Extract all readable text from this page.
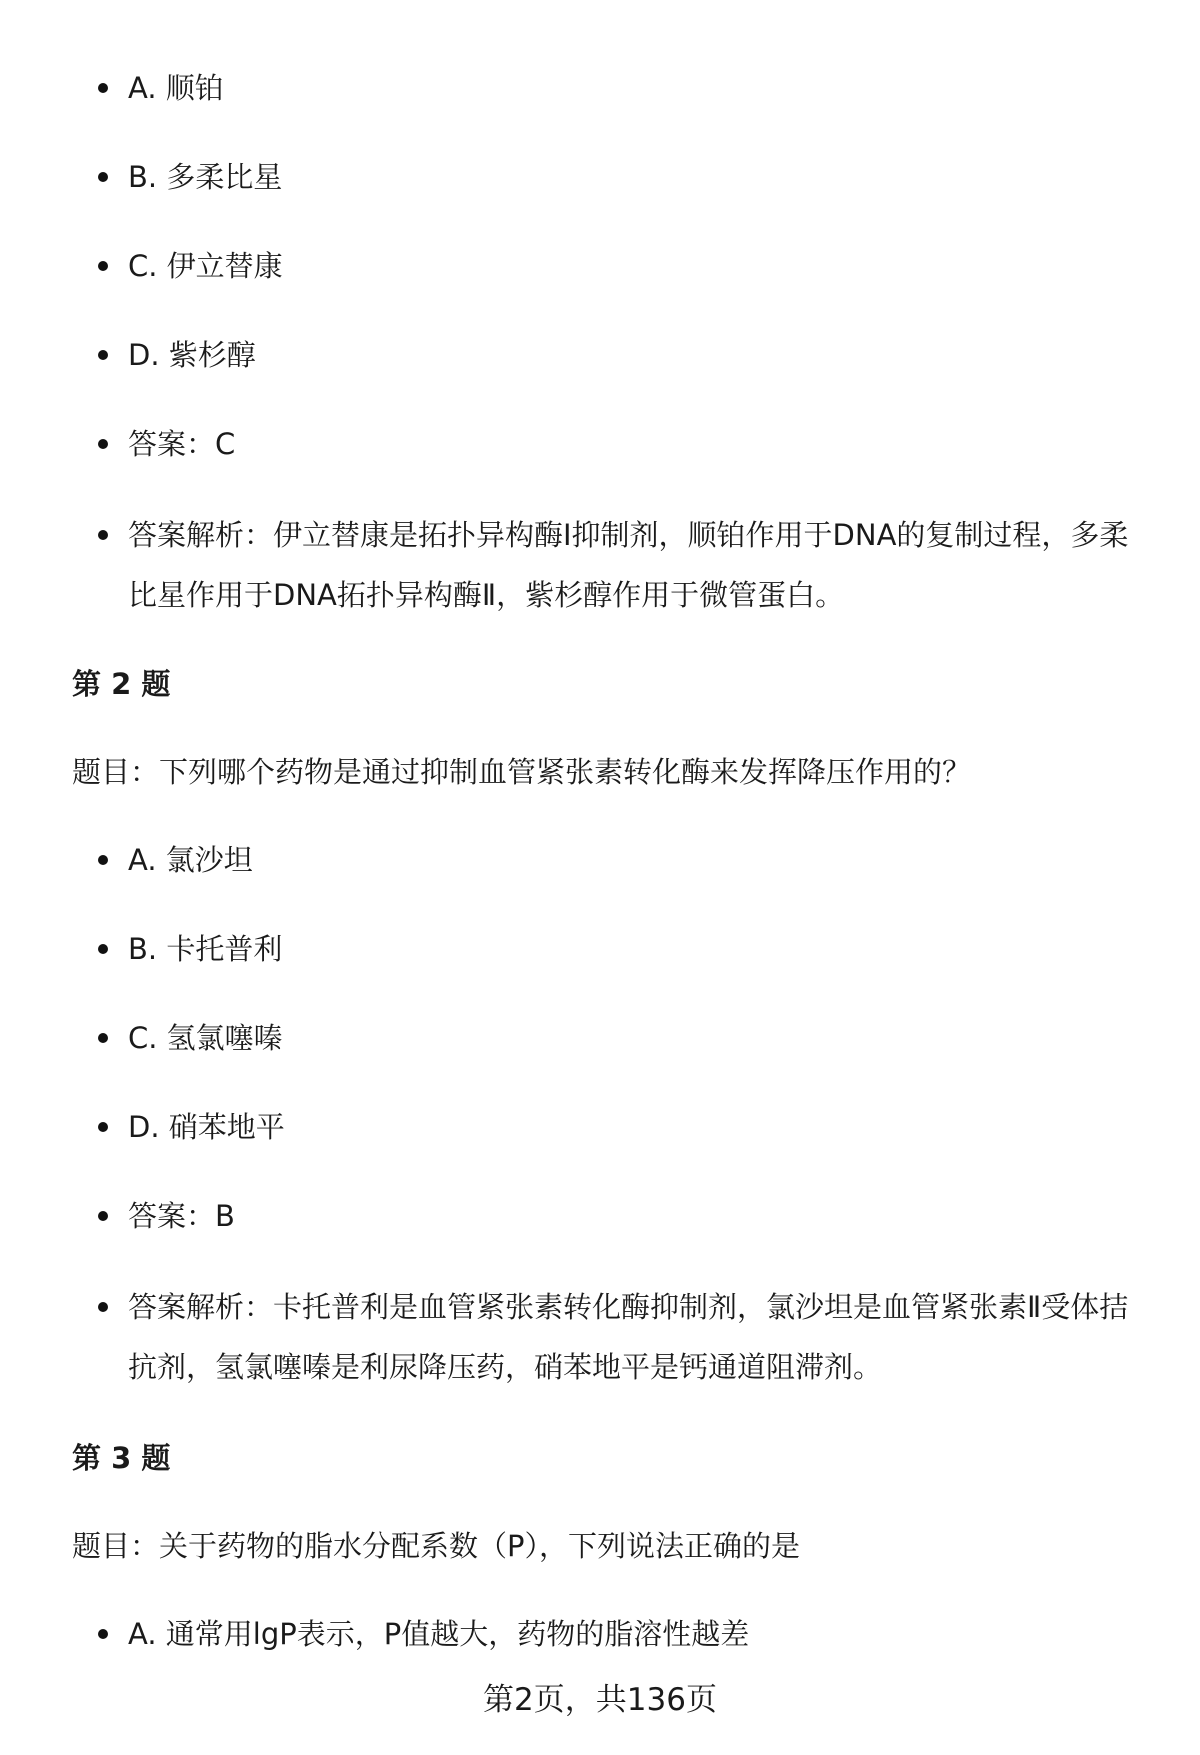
A. 顺铂
B. 多柔比星
C. 伊立替康
D. 紫杉醇
答案：C
答案解析：伊立替康是拓扑异构酶Ⅰ抑制剂，顺铂作用于DNA的复制过程，多柔比星作用于DNA拓扑异构酶Ⅱ，紫杉醇作用于微管蛋白。
第 2 题
题目：下列哪个药物是通过抑制血管紧张素转化酶来发挥降压作用的？
A. 氯沙坦
B. 卡托普利
C. 氢氯噻嗪
D. 硝苯地平
答案：B
答案解析：卡托普利是血管紧张素转化酶抑制剂，氯沙坦是血管紧张素Ⅱ受体拮抗剂，氢氯噻嗪是利尿降压药，硝苯地平是钙通道阻滞剂。
第 3 题
题目：关于药物的脂水分配系数（P），下列说法正确的是
A. 通常用lgP表示，P值越大，药物的脂溶性越差
第2页，共136页
